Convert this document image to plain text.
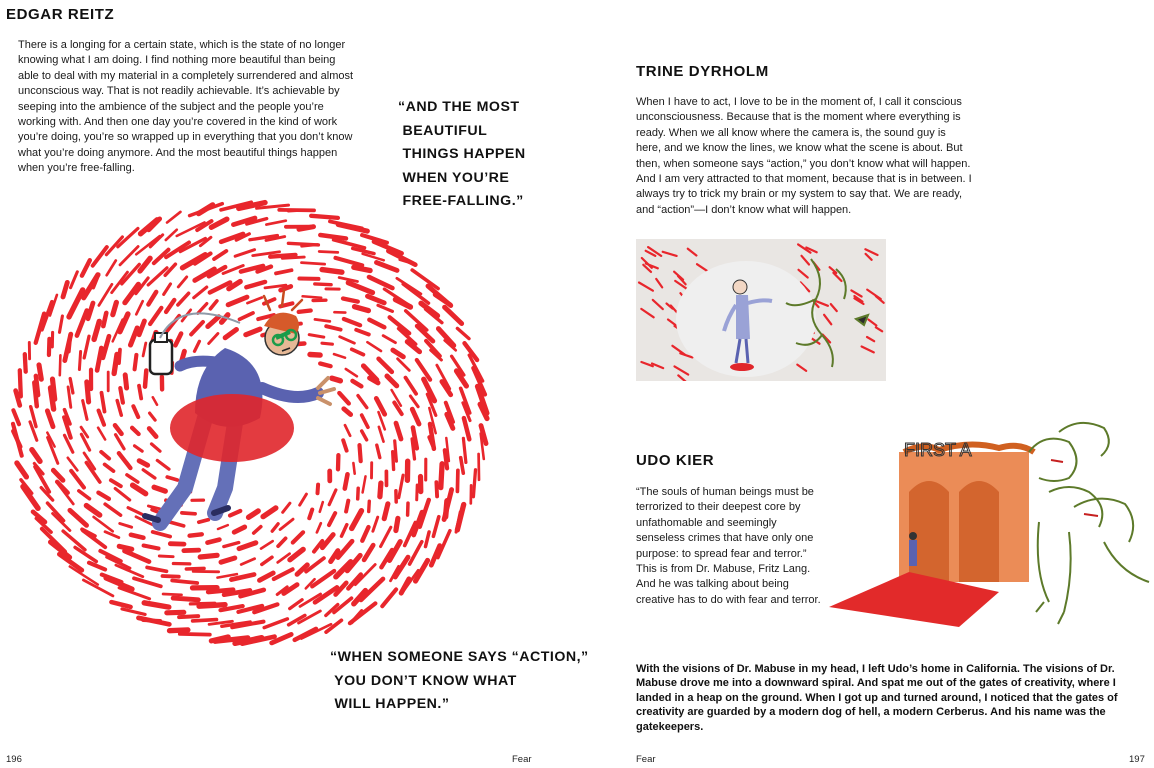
EDGAR REITZ

There is a longing for a certain state, which is the state of no longer knowing what I am doing. I find nothing more beautiful than being able to deal with my material in a completely surrendered and almost unconscious way. That is not readily achievable. It’s achievable by seeping into the ambience of the subject and the people you’re working with. And then one day you’re covered in the kind of work you’re doing, you’re so wrapped up in everything that you don’t know what you’re doing anymore. And the most beautiful things happen when you’re free-falling.

“AND THE MOST
BEAUTIFUL
THINGS HAPPEN
WHEN YOU’RE
FREE-FALLING.”
“WHEN SOMEONE SAYS “ACTION,”
YOU DON’T KNOW WHAT
WILL HAPPEN.”

196	Fear

TRINE DYRHOLM

When I have to act, I love to be in the moment of, I call it conscious unconsciousness. Because that is the moment where everything is ready. When we all know where the camera is, the sound guy is here, and we know the lines, we know what the scene is about. But then, when someone says “action,” you don’t know what will happen. And I am very attracted to that moment, because that is in between. I always try to trick my brain or my system to say that. We are ready, and “action”—I don’t know what will happen.

UDO KIER

“The souls of human beings must be terrorized to their deepest core by unfathomable and seemingly senseless crimes that have only one purpose: to spread fear and terror.” This is from Dr. Mabuse, Fritz Lang. And he was talking about being creative has to do with fear and terror.

FIRST A

With the visions of Dr. Mabuse in my head, I left Udo’s home in California. The visions of Dr. Mabuse drove me into a downward spiral. And spat me out of the gates of creativity, where I landed in a heap on the ground. When I got up and turned around, I noticed that the gates of creativity are guarded by a modern dog of hell, a modern Cerberus. And his name was the gatekeepers.

Fear	197
